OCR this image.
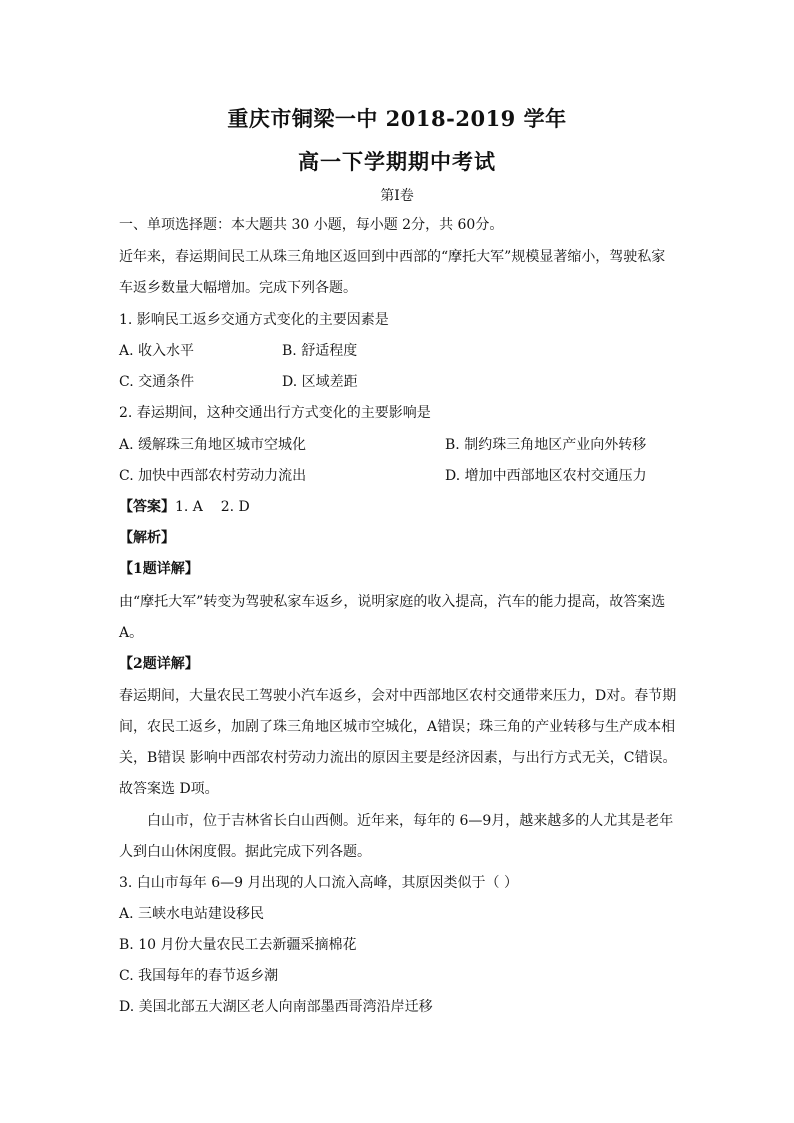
重庆市铜梁一中 2018-2019 学年
高一下学期期中考试
第Ⅰ卷
一、单项选择题：本大题共 30 小题，每小题 2分，共 60分。
近年来，春运期间民工从珠三角地区返回到中西部的“摩托大军”规模显著缩小，驾驶私家
车返乡数量大幅增加。完成下列各题。
1. 影响民工返乡交通方式变化的主要因素是
A. 收入水平	B. 舒适程度
C. 交通条件	D. 区域差距
2. 春运期间，这种交通出行方式变化的主要影响是
A. 缓解珠三角地区城市空城化	B. 制约珠三角地区产业向外转移
C. 加快中西部农村劳动力流出	D. 增加中西部地区农村交通压力
【答案】1. A    2. D
【解析】
【1题详解】
由“摩托大军”转变为驾驶私家车返乡，说明家庭的收入提高，汽车的能力提高，故答案选
A。
【2题详解】
春运期间，大量农民工驾驶小汽车返乡，会对中西部地区农村交通带来压力，D对。春节期
间，农民工返乡，加剧了珠三角地区城市空城化，A错误；珠三角的产业转移与生产成本相
关，B错误 影响中西部农村劳动力流出的原因主要是经济因素，与出行方式无关，C错误。
故答案选 D项。
白山市，位于吉林省长白山西侧。近年来，每年的 6—9月，越来越多的人尤其是老年
人到白山休闲度假。据此完成下列各题。
3. 白山市每年 6—9 月出现的人口流入高峰，其原因类似于（ ）
A. 三峡水电站建设移民
B. 10 月份大量农民工去新疆采摘棉花
C. 我国每年的春节返乡潮
D. 美国北部五大湖区老人向南部墨西哥湾沿岸迁移
